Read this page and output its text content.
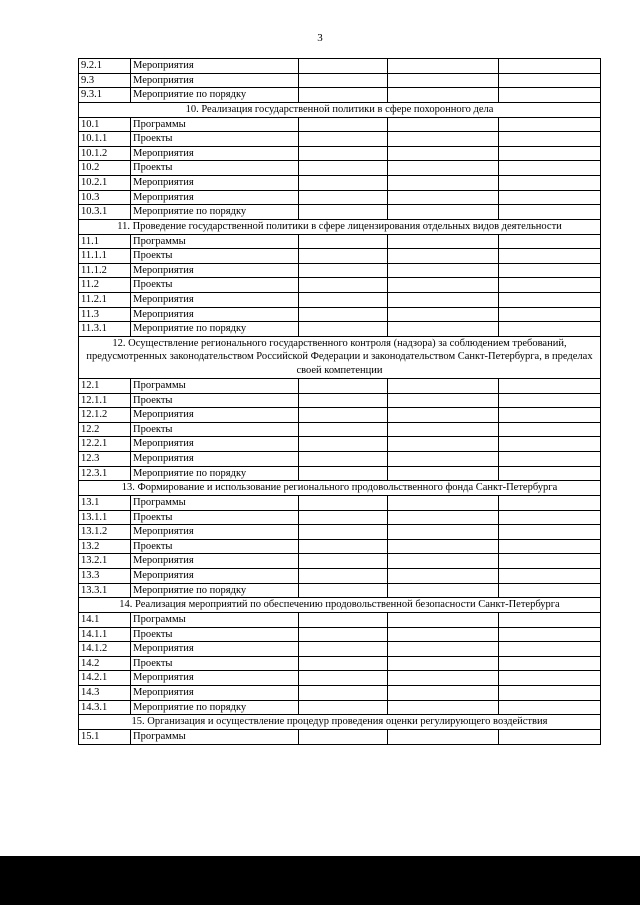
3
9.2.1	Мероприятия			
9.3	Мероприятия			
9.3.1	Мероприятие по порядку			
10. Реализация государственной политики в сфере похоронного дела				
10.1	Программы			
10.1.1	Проекты			
10.1.2	Мероприятия			
10.2	Проекты			
10.2.1	Мероприятия			
10.3	Мероприятия			
10.3.1	Мероприятие по порядку			
11. Проведение государственной политики в сфере лицензирования отдельных видов деятельности				
11.1	Программы			
11.1.1	Проекты			
11.1.2	Мероприятия			
11.2	Проекты			
11.2.1	Мероприятия			
11.3	Мероприятия			
11.3.1	Мероприятие по порядку			
12. Осуществление регионального государственного контроля (надзора) за соблюдением требований, предусмотренных законодательством Российской Федерации и законодательством Санкт-Петербурга, в пределах своей компетенции				
12.1	Программы			
12.1.1	Проекты			
12.1.2	Мероприятия			
12.2	Проекты			
12.2.1	Мероприятия			
12.3	Мероприятия			
12.3.1	Мероприятие по порядку			
13. Формирование и использование регионального продовольственного фонда Санкт-Петербурга				
13.1	Программы			
13.1.1	Проекты			
13.1.2	Мероприятия			
13.2	Проекты			
13.2.1	Мероприятия			
13.3	Мероприятия			
13.3.1	Мероприятие по порядку			
14. Реализация мероприятий по обеспечению продовольственной безопасности Санкт-Петербурга				
14.1	Программы			
14.1.1	Проекты			
14.1.2	Мероприятия			
14.2	Проекты			
14.2.1	Мероприятия			
14.3	Мероприятия			
14.3.1	Мероприятие по порядку			
15. Организация и осуществление процедур проведения оценки регулирующего воздействия				
15.1	Программы			
